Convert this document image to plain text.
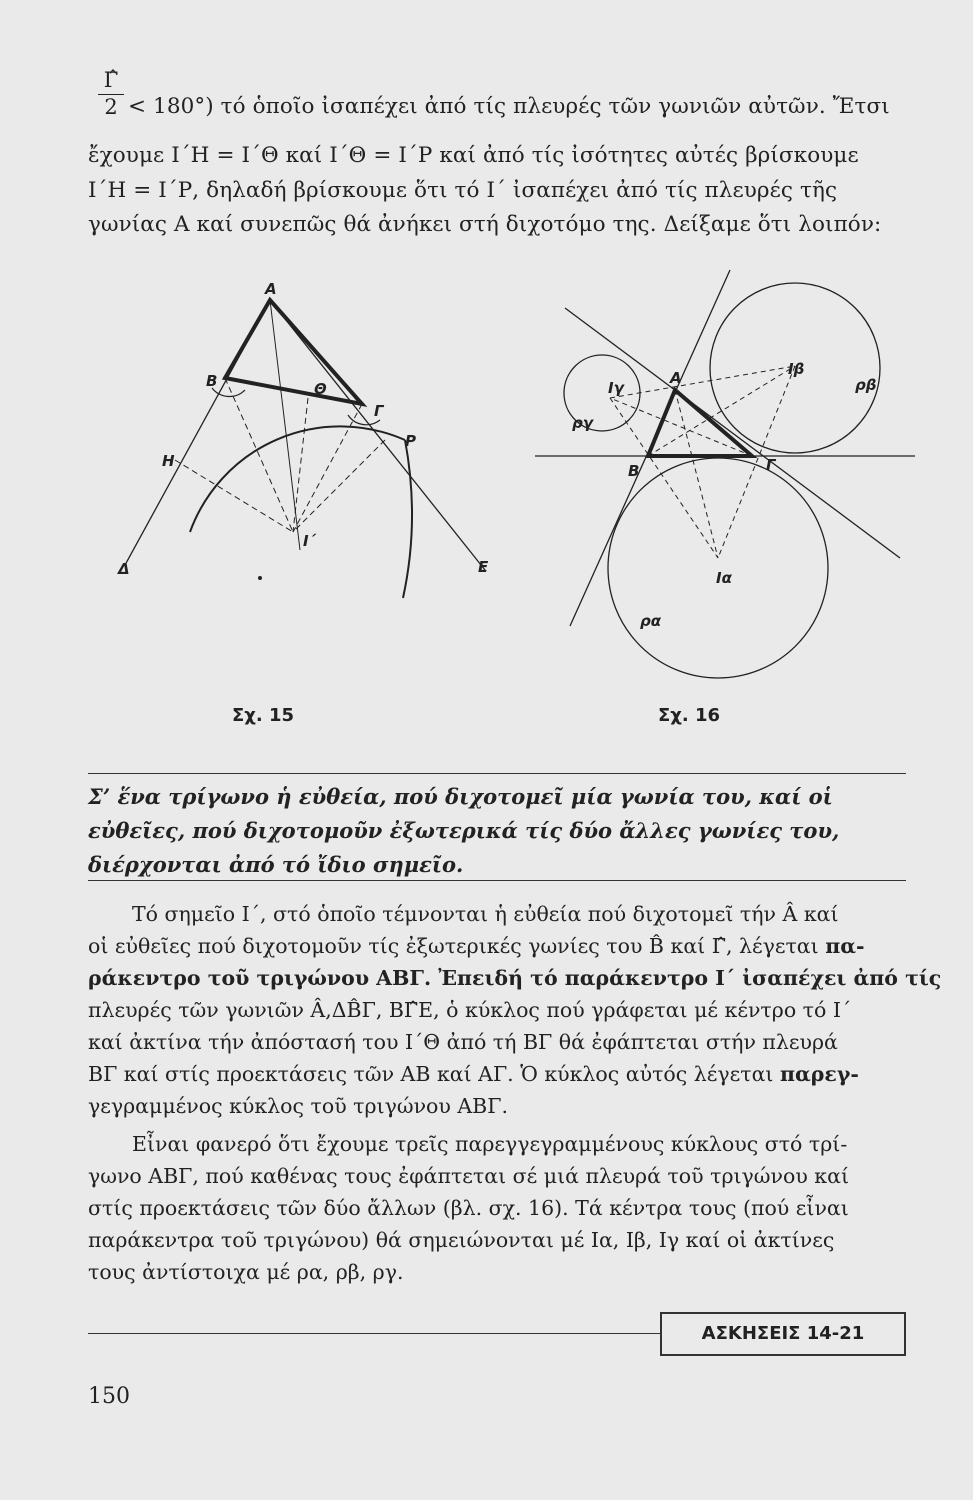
Γ̂
2 < 180°) τό ὁποῖο ἰσαπέχει ἀπό τίς πλευρές τῶν γωνιῶν αὐτῶν. Ἔτσι
ἔχουμε Ι΄Η = Ι΄Θ καί Ι΄Θ = Ι΄Ρ καί ἀπό τίς ἰσότητες αὐτές βρίσκουμε
Ι΄Η = Ι΄Ρ, δηλαδή βρίσκουμε ὅτι τό Ι΄ ἰσαπέχει ἀπό τίς πλευρές τῆς
γωνίας Α καί συνεπῶς θά ἀνήκει στή διχοτόμο της. Δείξαμε ὅτι λοιπόν:
A
B
Γ
Θ
P
H
Ι΄
Δ	E
Σχ. 15
A
B	Γ
Iβ
ρβ
Iγ
ργ
Iα
ρα
Σχ. 16
Σ’ ἕνα τρίγωνο ἡ εὐθεία, πού διχοτομεῖ μία γωνία του, καί οἱ εὐθεῖες, πού διχοτομοῦν ἐξωτερικά τίς δύο ἄλλες γωνίες του, διέρχονται ἀπό τό ἴδιο σημεῖο.
Τό σημεῖο Ι΄, στό ὁποῖο τέμνονται ἡ εὐθεία πού διχοτομεῖ τήν Â καί
οἱ εὐθεῖες πού διχοτομοῦν τίς ἐξωτερικές γωνίες του B̂ καί Γ̂, λέγεται πα-
ράκεντρο τοῦ τριγώνου ΑΒΓ. Ἐπειδή τό παράκεντρο Ι΄ ἰσαπέχει ἀπό τίς
πλευρές τῶν γωνιῶν Â,ΔB̂Γ, BΓ̂E, ὁ κύκλος πού γράφεται μέ κέντρο τό Ι΄
καί ἀκτίνα τήν ἀπόστασή του Ι΄Θ ἀπό τή ΒΓ θά ἐφάπτεται στήν πλευρά
ΒΓ καί στίς προεκτάσεις τῶν ΑΒ καί ΑΓ. Ὁ κύκλος αὐτός λέγεται παρεγ-
γεγραμμένος κύκλος τοῦ τριγώνου ΑΒΓ.
Εἶναι φανερό ὅτι ἔχουμε τρεῖς παρεγγεγραμμένους κύκλους στό τρί-
γωνο ΑΒΓ, πού καθένας τους ἐφάπτεται σέ μιά πλευρά τοῦ τριγώνου καί
στίς προεκτάσεις τῶν δύο ἄλλων (βλ. σχ. 16). Τά κέντρα τους (πού εἶναι
παράκεντρα τοῦ τριγώνου) θά σημειώνονται μέ Ια, Ιβ, Ιγ καί οἱ ἀκτίνες
τους ἀντίστοιχα μέ ρα, ρβ, ργ.
ΑΣΚΗΣΕΙΣ 14-21
150
